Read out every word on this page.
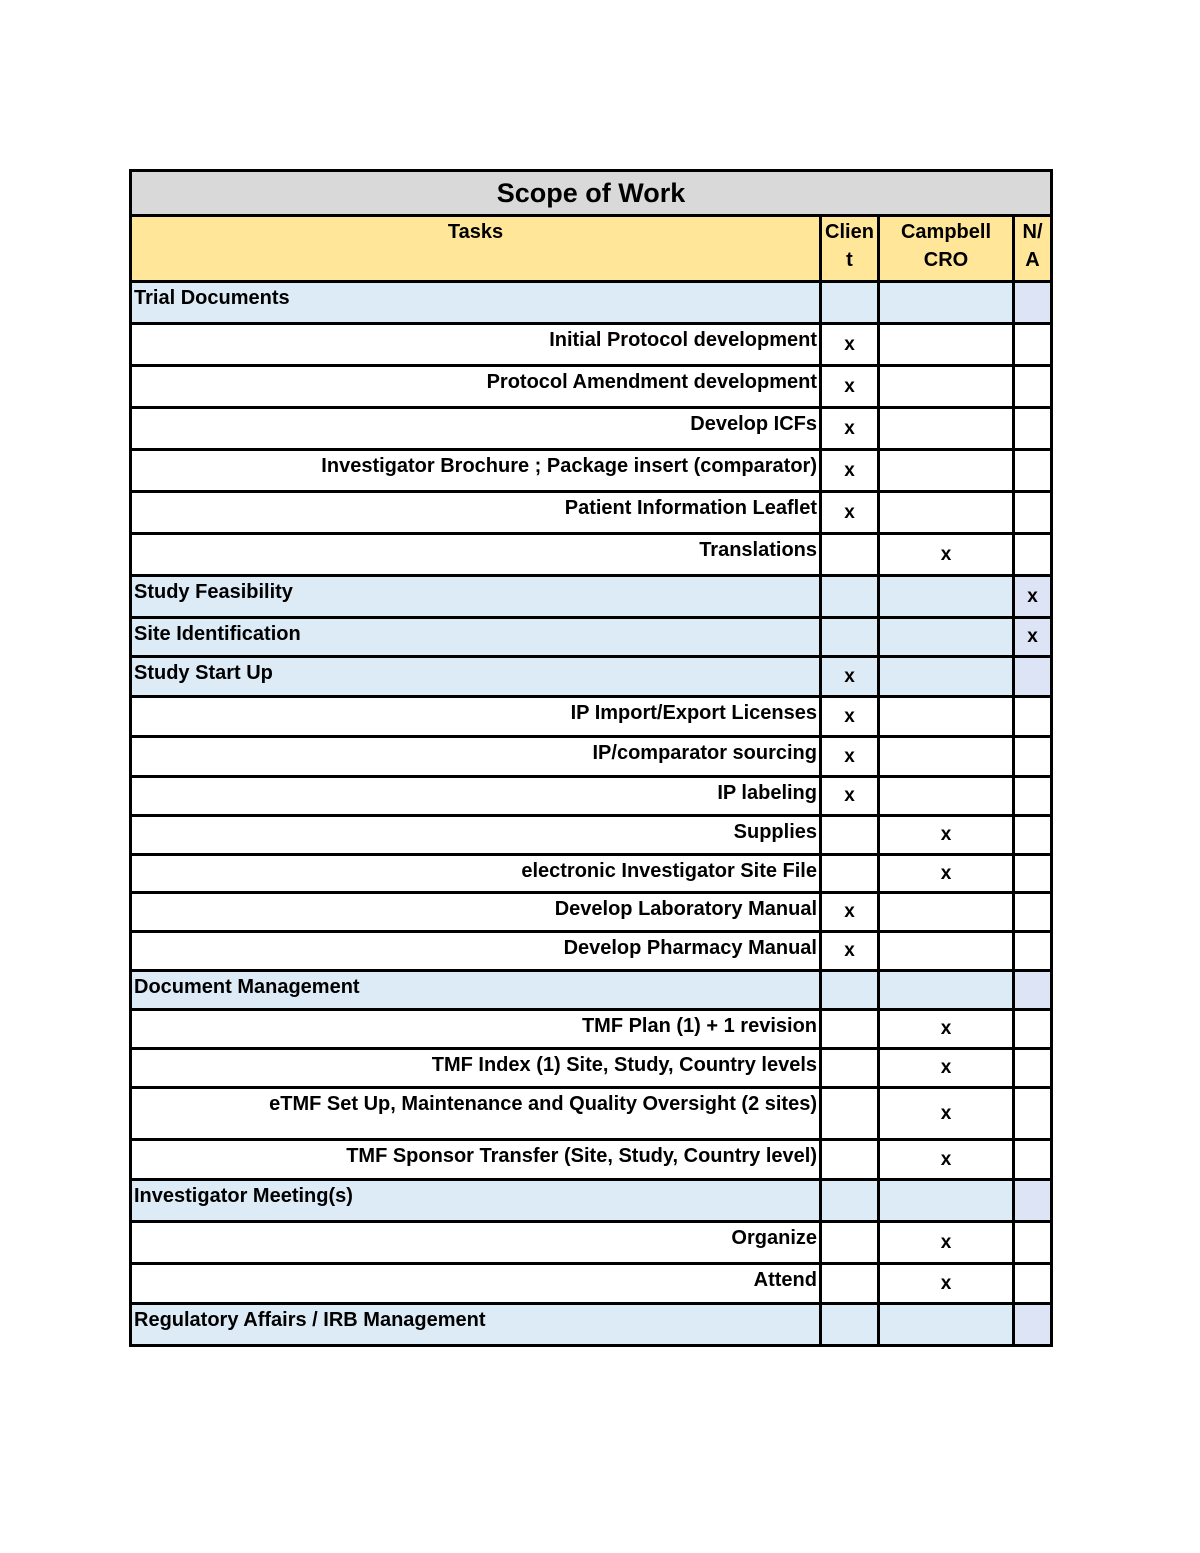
Scope of Work			
Tasks	Client	Campbell CRO	N/A
Trial Documents			
Initial Protocol development	x		
Protocol Amendment development	x		
Develop ICFs	x		
Investigator Brochure ; Package insert (comparator)	x		
Patient Information Leaflet	x		
Translations		x	
Study Feasibility			x
Site Identification			x
Study Start Up	x		
IP Import/Export Licenses	x		
IP/comparator sourcing	x		
IP labeling	x		
Supplies		x	
electronic Investigator Site File		x	
Develop Laboratory Manual	x		
Develop Pharmacy Manual	x		
Document Management			
TMF Plan (1) + 1 revision		x	
TMF Index (1) Site, Study, Country levels		x	
eTMF Set Up, Maintenance and Quality Oversight (2 sites)		x	
TMF Sponsor Transfer (Site, Study, Country level)		x	
Investigator Meeting(s)			
Organize		x	
Attend		x	
Regulatory Affairs / IRB Management			
